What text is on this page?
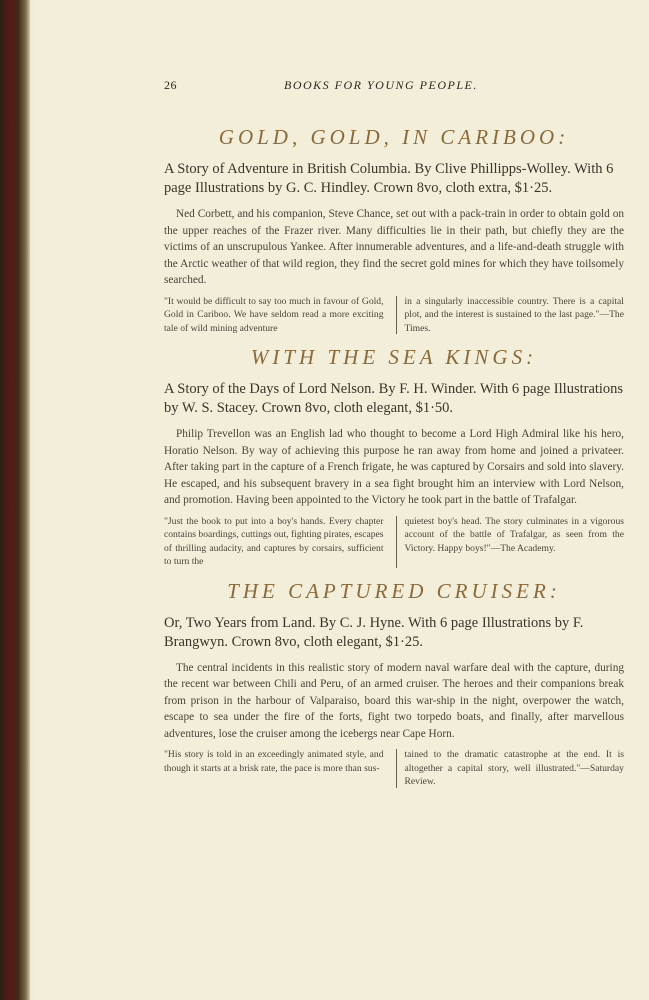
26	BOOKS FOR YOUNG PEOPLE.
GOLD, GOLD, IN CARIBOO:
A Story of Adventure in British Columbia. By Clive Phillipps-Wolley. With 6 page Illustrations by G. C. Hindley. Crown 8vo, cloth extra, $1·25.
Ned Corbett, and his companion, Steve Chance, set out with a pack-train in order to obtain gold on the upper reaches of the Frazer river. Many difficulties lie in their path, but chiefly they are the victims of an unscrupulous Yankee. After innumerable adventures, and a life-and-death struggle with the Arctic weather of that wild region, they find the secret gold mines for which they have toilsomely searched.
"It would be difficult to say too much in favour of Gold, Gold in Cariboo. We have seldom read a more exciting tale of wild mining adventure
in a singularly inaccessible country. There is a capital plot, and the interest is sustained to the last page."—The Times.
WITH THE SEA KINGS:
A Story of the Days of Lord Nelson. By F. H. Winder. With 6 page Illustrations by W. S. Stacey. Crown 8vo, cloth elegant, $1·50.
Philip Trevellon was an English lad who thought to become a Lord High Admiral like his hero, Horatio Nelson. By way of achieving this purpose he ran away from home and joined a privateer. After taking part in the capture of a French frigate, he was captured by Corsairs and sold into slavery. He escaped, and his subsequent bravery in a sea fight brought him an interview with Lord Nelson, and promotion. Having been appointed to the Victory he took part in the battle of Trafalgar.
"Just the book to put into a boy's hands. Every chapter contains boardings, cuttings out, fighting pirates, escapes of thrilling audacity, and captures by corsairs, sufficient to turn the
quietest boy's head. The story culminates in a vigorous account of the battle of Trafalgar, as seen from the Victory. Happy boys!"—The Academy.
THE CAPTURED CRUISER:
Or, Two Years from Land. By C. J. Hyne. With 6 page Illustrations by F. Brangwyn. Crown 8vo, cloth elegant, $1·25.
The central incidents in this realistic story of modern naval warfare deal with the capture, during the recent war between Chili and Peru, of an armed cruiser. The heroes and their companions break from prison in the harbour of Valparaiso, board this war-ship in the night, overpower the watch, escape to sea under the fire of the forts, fight two torpedo boats, and finally, after marvellous adventures, lose the cruiser among the icebergs near Cape Horn.
"His story is told in an exceedingly animated style, and though it starts at a brisk rate, the pace is more than sus-
tained to the dramatic catastrophe at the end. It is altogether a capital story, well illustrated."—Saturday Review.
